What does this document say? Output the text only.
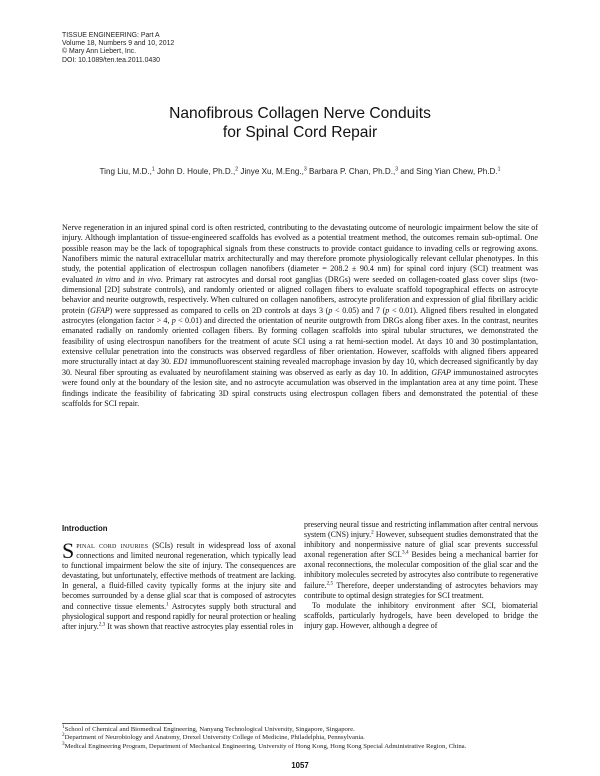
TISSUE ENGINEERING: Part A
Volume 18, Numbers 9 and 10, 2012
© Mary Ann Liebert, Inc.
DOI: 10.1089/ten.tea.2011.0430
Nanofibrous Collagen Nerve Conduits
for Spinal Cord Repair
Ting Liu, M.D.,$^1$ John D. Houle, Ph.D.,$^2$ Jinye Xu, M.Eng.,$^3$ Barbara P. Chan, Ph.D.,$^3$ and Sing Yian Chew, Ph.D.$^1$

Nerve regeneration in an injured spinal cord is often restricted, contributing to the devastating outcome of neurologic impairment below the site of injury. Although implantation of tissue-engineered scaffolds has evolved as a potential treatment method, the outcomes remain sub-optimal. One possible reason may be the lack of topographical signals from these constructs to provide contact guidance to invading cells or regrowing axons. Nanofibers mimic the natural extracellular matrix architecturally and may therefore promote physiologically relevant cellular phenotypes. In this study, the potential application of electrospun collagen nanofibers (diameter = 208.2 ± 90.4 nm) for spinal cord injury (SCI) treatment was evaluated in vitro and in vivo. Primary rat astrocytes and dorsal root ganglias (DRGs) were seeded on collagen-coated glass cover slips (two-dimensional [2D] substrate controls), and randomly oriented or aligned collagen fibers to evaluate scaffold topographical effects on astrocyte behavior and neurite outgrowth, respectively. When cultured on collagen nanofibers, astrocyte proliferation and expression of glial fibrillary acidic protein (GFAP) were suppressed as compared to cells on 2D controls at days 3 (p < 0.05) and 7 (p < 0.01). Aligned fibers resulted in elongated astrocytes (elongation factor > 4, p < 0.01) and directed the orientation of neurite outgrowth from DRGs along fiber axes. In the contrast, neurites emanated radially on randomly oriented collagen fibers. By forming collagen scaffolds into spiral tubular structures, we demonstrated the feasibility of using electrospun nanofibers for the treatment of acute SCI using a rat hemi-section model. At days 10 and 30 postimplantation, extensive cellular penetration into the constructs was observed regardless of fiber orientation. However, scaffolds with aligned fibers appeared more structurally intact at day 30. ED1 immunofluorescent staining revealed macrophage invasion by day 10, which decreased significantly by day 30. Neural fiber sprouting as evaluated by neurofilament staining was observed as early as day 10. In addition, GFAP immunostained astrocytes were found only at the boundary of the lesion site, and no astrocyte accumulation was observed in the implantation area at any time point. These findings indicate the feasibility of fabricating 3D spiral constructs using electrospun collagen fibers and demonstrated the potential of these scaffolds for SCI repair.

Introduction

Spinal cord injuries (SCIs) result in widespread loss of axonal connections and limited neuronal regeneration, which typically lead to functional impairment below the site of injury. The consequences are devastating, but unfortunately, effective methods of treatment are lacking. In general, a fluid-filled cavity typically forms at the injury site and becomes surrounded by a dense glial scar that is composed of astrocytes and connective tissue elements.$^1$ Astrocytes supply both structural and physiological support and respond rapidly for neural protection or healing after injury.$^{2,3}$ It was shown that reactive astrocytes play essential roles in

preserving neural tissue and restricting inflammation after central nervous system (CNS) injury.$^2$ However, subsequent studies demonstrated that the inhibitory and nonpermissive nature of glial scar prevents successful axonal regeneration after SCI.$^{3,4}$ Besides being a mechanical barrier for axonal reconnections, the molecular composition of the glial scar and the inhibitory molecules secreted by astrocytes also contribute to regenerative failure.$^{2,5}$ Therefore, deeper understanding of astrocytes behaviors may contribute to optimal design strategies for SCI treatment.

To modulate the inhibitory environment after SCI, biomaterial scaffolds, particularly hydrogels, have been developed to bridge the injury gap. However, although a degree of

$^1$School of Chemical and Biomedical Engineering, Nanyang Technological University, Singapore, Singapore.
$^2$Department of Neurobiology and Anatomy, Drexel University College of Medicine, Philadelphia, Pennsylvania.
$^3$Medical Engineering Program, Department of Mechanical Engineering, University of Hong Kong, Hong Kong Special Administrative Region, China.
1057
